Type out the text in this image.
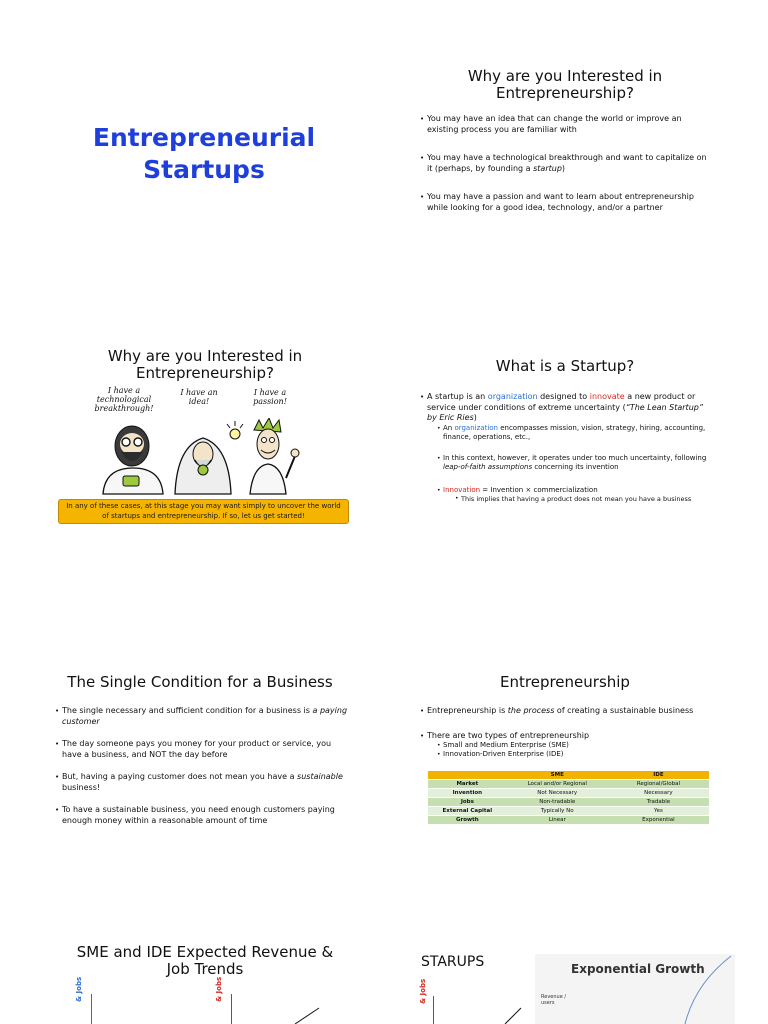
Entrepreneurial
Startups
Why are you Interested in Entrepreneurship?
• You may have an idea that can change the world or improve an existing process you are familiar with
• You may have a technological breakthrough and want to capitalize on it (perhaps, by founding a startup)
• You may have a passion and want to learn about entrepreneurship while looking for a good idea, technology, and/or a partner
Why are you Interested in Entrepreneurship?
I have a technological breakthrough!
I have an idea!
I have a passion!
In any of these cases, at this stage you may want simply to uncover the world of startups and entrepreneurship. If so, let us get started!
What is a Startup?
• A startup is an organization designed to innovate a new product or service under conditions of extreme uncertainty (“The Lean Startup” by Eric Ries)
• An organization encompasses mission, vision, strategy, hiring, accounting, finance, operations, etc.,
• In this context, however, it operates under too much uncertainty, following leap-of-faith assumptions concerning its invention
• Innovation = Invention × commercialization
• This implies that having a product does not mean you have a business
The Single Condition for a Business
• The single necessary and sufficient condition for a business is a paying customer
• The day someone pays you money for your product or service, you have a business, and NOT the day before
• But, having a paying customer does not mean you have a sustainable business!
• To have a sustainable business, you need enough customers paying enough money within a reasonable amount of time
Entrepreneurship
• Entrepreneurship is the process of creating a sustainable business
• There are two types of entrepreneurship
• Small and Medium Enterprise (SME)
• Innovation-Driven Enterprise (IDE)
	SME	IDE
Market	Local and/or Regional	Regional/Global
Invention	Not Necessary	Necessary
Jobs	Non-tradable	Tradable
External Capital	Typically No	Yes
Growth	Linear	Exponential
SME and IDE Expected Revenue & Job Trends
& Jobs	& Jobs
STARUPS
& Jobs
Exponential Growth
Revenue / users
